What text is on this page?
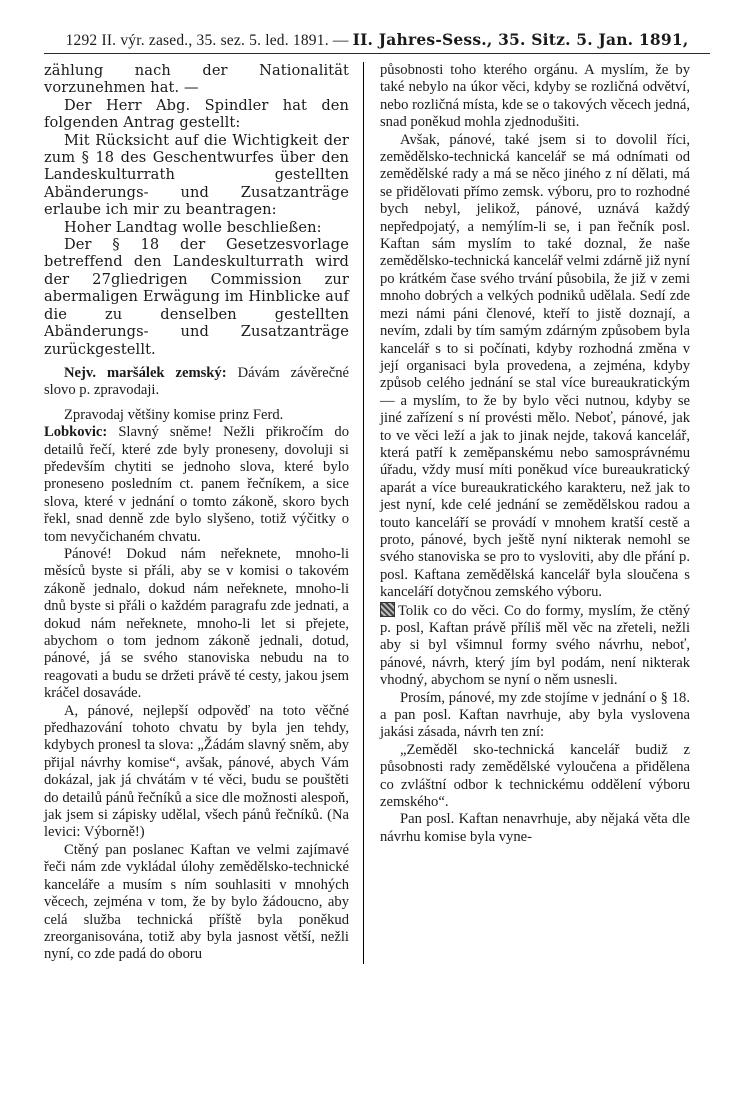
1292 II. výr. zased., 35. sez. 5. led. 1891. — II. Jahres-Sess., 35. Sitz. 5. Jan. 1891,

zählung nach der Nationalität vorzunehmen hat. —

Der Herr Abg. Spindler hat den folgenden Antrag gestellt:

Mit Rücksicht auf die Wichtigkeit der zum § 18 des Geschentwurfes über den Landeskulturrath gestellten Abänderungs- und Zusatzanträge erlaube ich mir zu beantragen:

Hoher Landtag wolle beschließen:

Der § 18 der Gesetzesvorlage betreffend den Landeskulturrath wird der 27gliedrigen Commission zur abermaligen Erwägung im Hinblicke auf die zu denselben gestellten Abänderungs- und Zusatzanträge zurückgestellt.

Nejv. maršálek zemský: Dávám závěrečné slovo p. zpravodaji.

Zpravodaj většiny komise prinz Ferd.

Lobkovic: Slavný sněme! Nežli přikročím do detailů řečí, které zde byly proneseny, dovoluji si především chytiti se jednoho slova, které bylo proneseno posledním ct. panem řečníkem, a sice slova, které v jednání o tomto zákoně, skoro bych řekl, snad denně zde bylo slyšeno, totiž výčitky o tom nevyčichaném chvatu.

Pánové! Dokud nám neřeknete, mnoho-li měsíců byste si přáli, aby se v komisi o takovém zákoně jednalo, dokud nám neřeknete, mnoho-li dnů byste si přáli o každém paragrafu zde jednati, a dokud nám neřeknete, mnoho-li let si přejete, abychom o tom jednom zákoně jednali, dotud, pánové, já se svého stanoviska nebudu na to reagovati a budu se držeti právě té cesty, jakou jsem kráčel dosaváde.

A, pánové, nejlepší odpověď na toto věčné předhazování tohoto chvatu by byla jen tehdy, kdybych pronesl ta slova: „Žádám slavný sněm, aby přijal návrhy komise“, avšak, pánové, abych Vám dokázal, jak já chvátám v té věci, budu se pouštěti do detailů pánů řečníků a sice dle možnosti alespoň, jak jsem si zápisky udělal, všech pánů řečníků. (Na levici: Výborně!)

Ctěný pan poslanec Kaftan ve velmi zajímavé řeči nám zde vykládal úlohy zemědělsko-technické kanceláře a musím s ním souhlasiti v mnohých věcech, zejména v tom, že by bylo žádoucno, aby celá služba technická příště byla poněkud zreorganisována, totiž aby byla jasnost větší, nežli nyní, co zde padá do oboru

působnosti toho kterého orgánu. A myslím, že by také nebylo na úkor věci, kdyby se rozličná odvětví, nebo rozličná místa, kde se o takových věcech jedná, snad poněkud mohla zjednodušiti.

Avšak, pánové, také jsem si to dovolil říci, zemědělsko-technická kancelář se má odnímati od zemědělské rady a má se něco jiného z ní dělati, má se přidělovati přímo zemsk. výboru, pro to rozhodné bych nebyl, jelikož, pánové, uznává každý nepředpojatý, a nemýlím-li se, i pan řečník posl. Kaftan sám myslím to také doznal, že naše zemědělsko-technická kancelář velmi zdárně již nyní po krátkém čase svého trvání působila, že již v zemi mnoho dobrých a velkých podniků udělala. Sedí zde mezi námi páni členové, kteří to jistě doznají, a nevím, zdali by tím samým zdárným způsobem byla kancelář s to si počínati, kdyby rozhodná změna v její organisaci byla provedena, a zejména, kdyby způsob celého jednání se stal více bureaukratickým — a myslím, to že by bylo věci nutnou, kdyby se jiné zařízení s ní provésti mělo. Neboť, pánové, jak to ve věci leží a jak to jinak nejde, taková kancelář, která patří k zeměpanskému nebo samosprávnému úřadu, vždy musí míti poněkud více bureaukratický aparát a více bureaukratického karakteru, než jak to jest nyní, kde celé jednání se zemědělskou radou a touto kanceláří se provádí v mnohem kratší cestě a proto, pánové, bych ještě nyní nikterak nemohl se svého stanoviska se pro to vysloviti, aby dle přání p. posl. Kaftana zemědělská kancelář byla sloučena s kanceláří dotyčnou zemského výboru.

Tolik co do věci. Co do formy, myslím, že ctěný p. posl, Kaftan právě příliš měl věc na zřeteli, nežli aby si byl všimnul formy svého návrhu, neboť, pánové, návrh, který jím byl podám, není nikterak vhodný, abychom se nyní o něm usnesli.

Prosím, pánové, my zde stojíme v jednání o § 18. a pan posl. Kaftan navrhuje, aby byla vyslovena jakási zásada, návrh ten zní:

„Zeměděl sko-technická kancelář budiž z působnosti rady zemědělské vyloučena a přidělena co zvláštní odbor k technickému oddělení výboru zemského“.

Pan posl. Kaftan nenavrhuje, aby nějaká věta dle návrhu komise byla vyne-
